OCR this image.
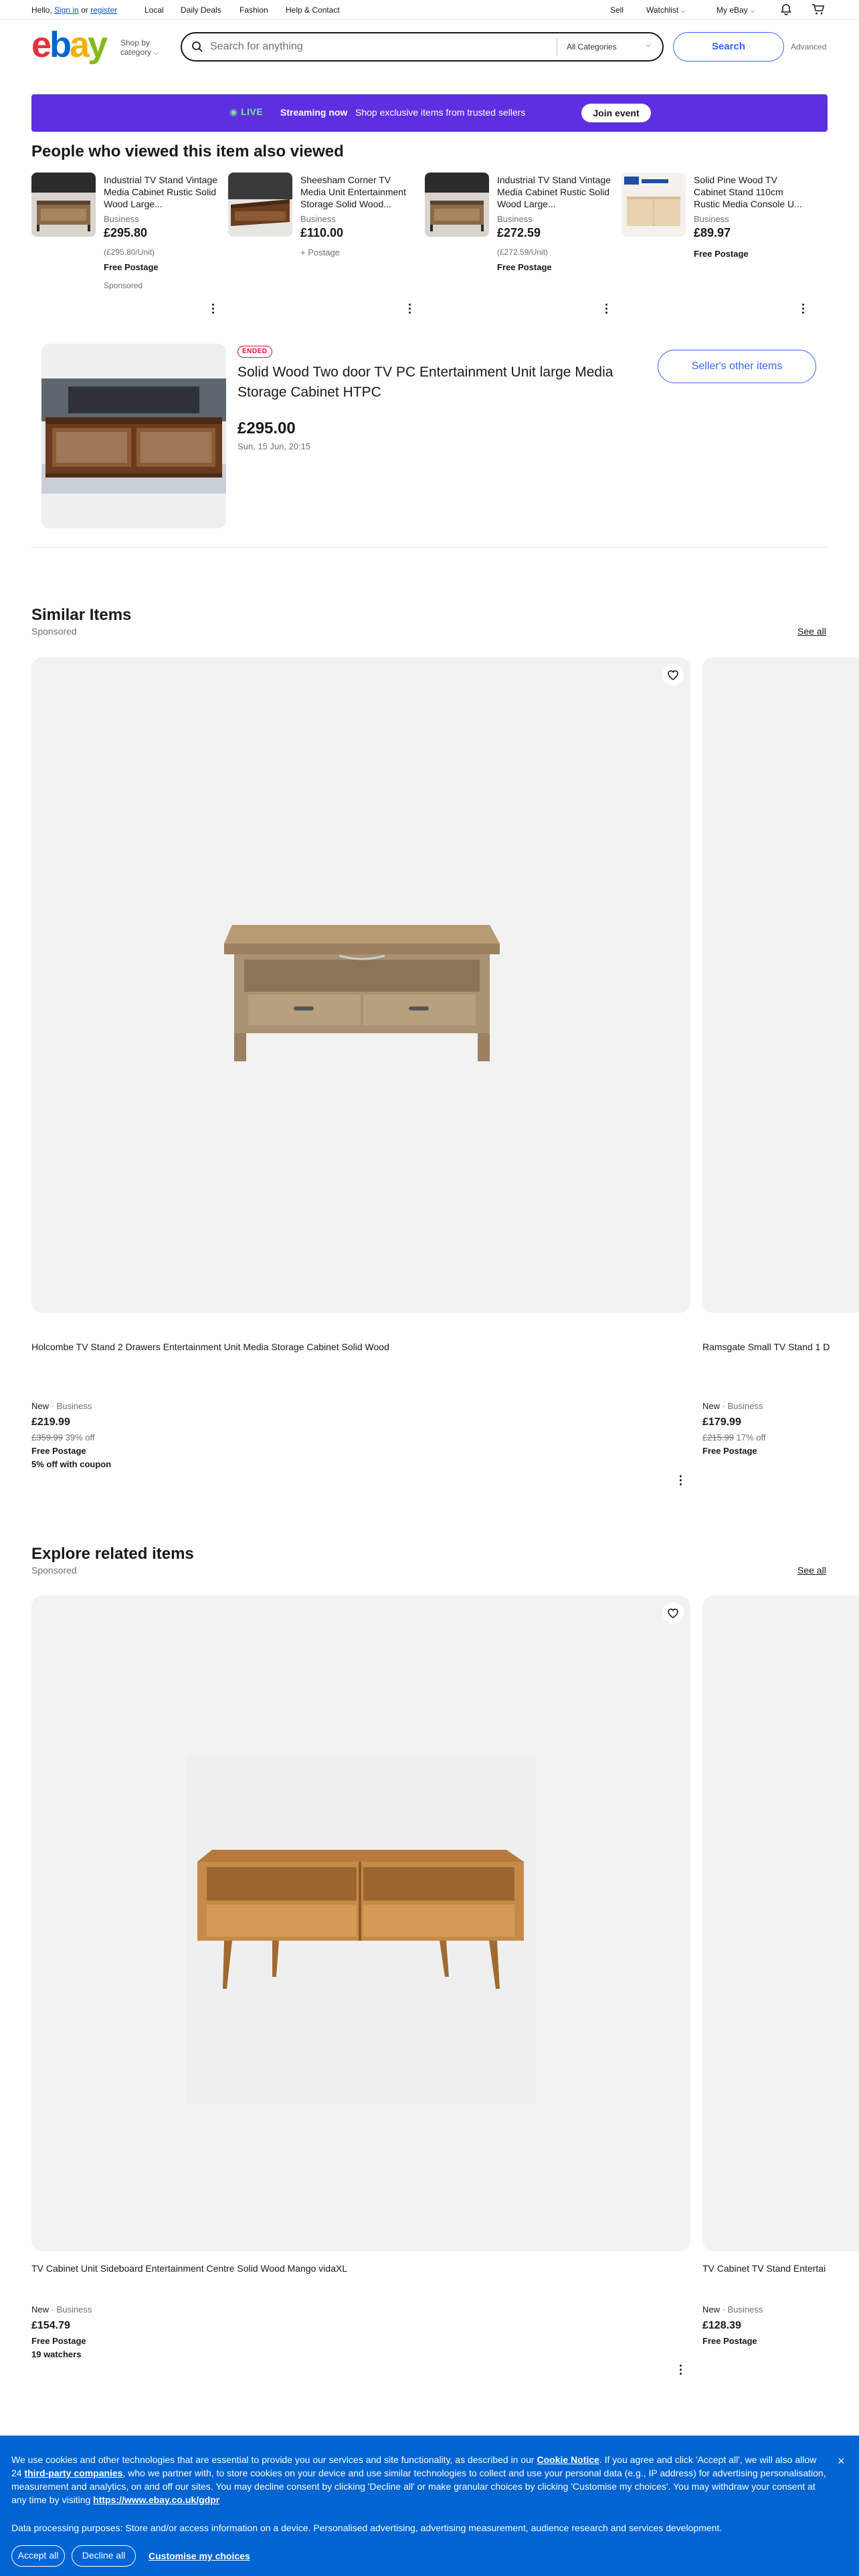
Hello, Sign in or register	Local Daily Deals Fashion Help & Contact	Sell	Watchlist ⌵	My eBay ⌵
ebay Shop by
category ⌵
Search for anything
All Categories	⌵	Search	Advanced
◉ LIVE Streaming now Shop exclusive items from trusted sellers	Join event
People who viewed this item also viewed
Industrial TV Stand Vintage Media Cabinet Rustic Solid Wood Large...
Business
£295.80
(£295.80/Unit)
Free Postage
Sponsored
Sheesham Corner TV Media Unit Entertainment Storage Solid Wood...
Business
£110.00
+ Postage
Industrial TV Stand Vintage Media Cabinet Rustic Solid Wood Large...
Business
£272.59
(£272.59/Unit)
Free Postage
Solid Pine Wood TV Cabinet Stand 110cm Rustic Media Console U...
Business
£89.97
Free Postage
ENDED
Solid Wood Two door TV PC Entertainment Unit large Media Storage Cabinet HTPC
£295.00
Sun, 15 Jun, 20:15
Seller's other items
Similar Items
Sponsored	See all
Holcombe TV Stand 2 Drawers Entertainment Unit Media Storage Cabinet Solid Wood
New · Business
£219.99
£359.99 39% off
Free Postage
5% off with coupon
Ramsgate Small TV Stand 1 D
New · Business
£179.99
£215.99 17% off
Free Postage
Explore related items
Sponsored	See all
TV Cabinet Unit Sideboard Entertainment Centre Solid Wood Mango vidaXL
New · Business
£154.79
Free Postage
19 watchers
TV Cabinet TV Stand Entertai
New · Business
£128.39
Free Postage

We use cookies and other technologies that are essential to provide you our services and site functionality, as described in our Cookie Notice. If you agree and click 'Accept all', we will also allow 24 third-party companies, who we partner with, to store cookies on your device and use similar technologies to collect and use your personal data (e.g., IP address) for advertising personalisation, measurement and analytics, on and off our sites. You may decline consent by clicking 'Decline all' or make granular choices by clicking 'Customise my choices'. You may withdraw your consent at any time by visiting https://www.ebay.co.uk/gdpr

Data processing purposes: Store and/or access information on a device. Personalised advertising, advertising measurement, audience research and services development.

×
Accept all	Decline all	Customise my choices
